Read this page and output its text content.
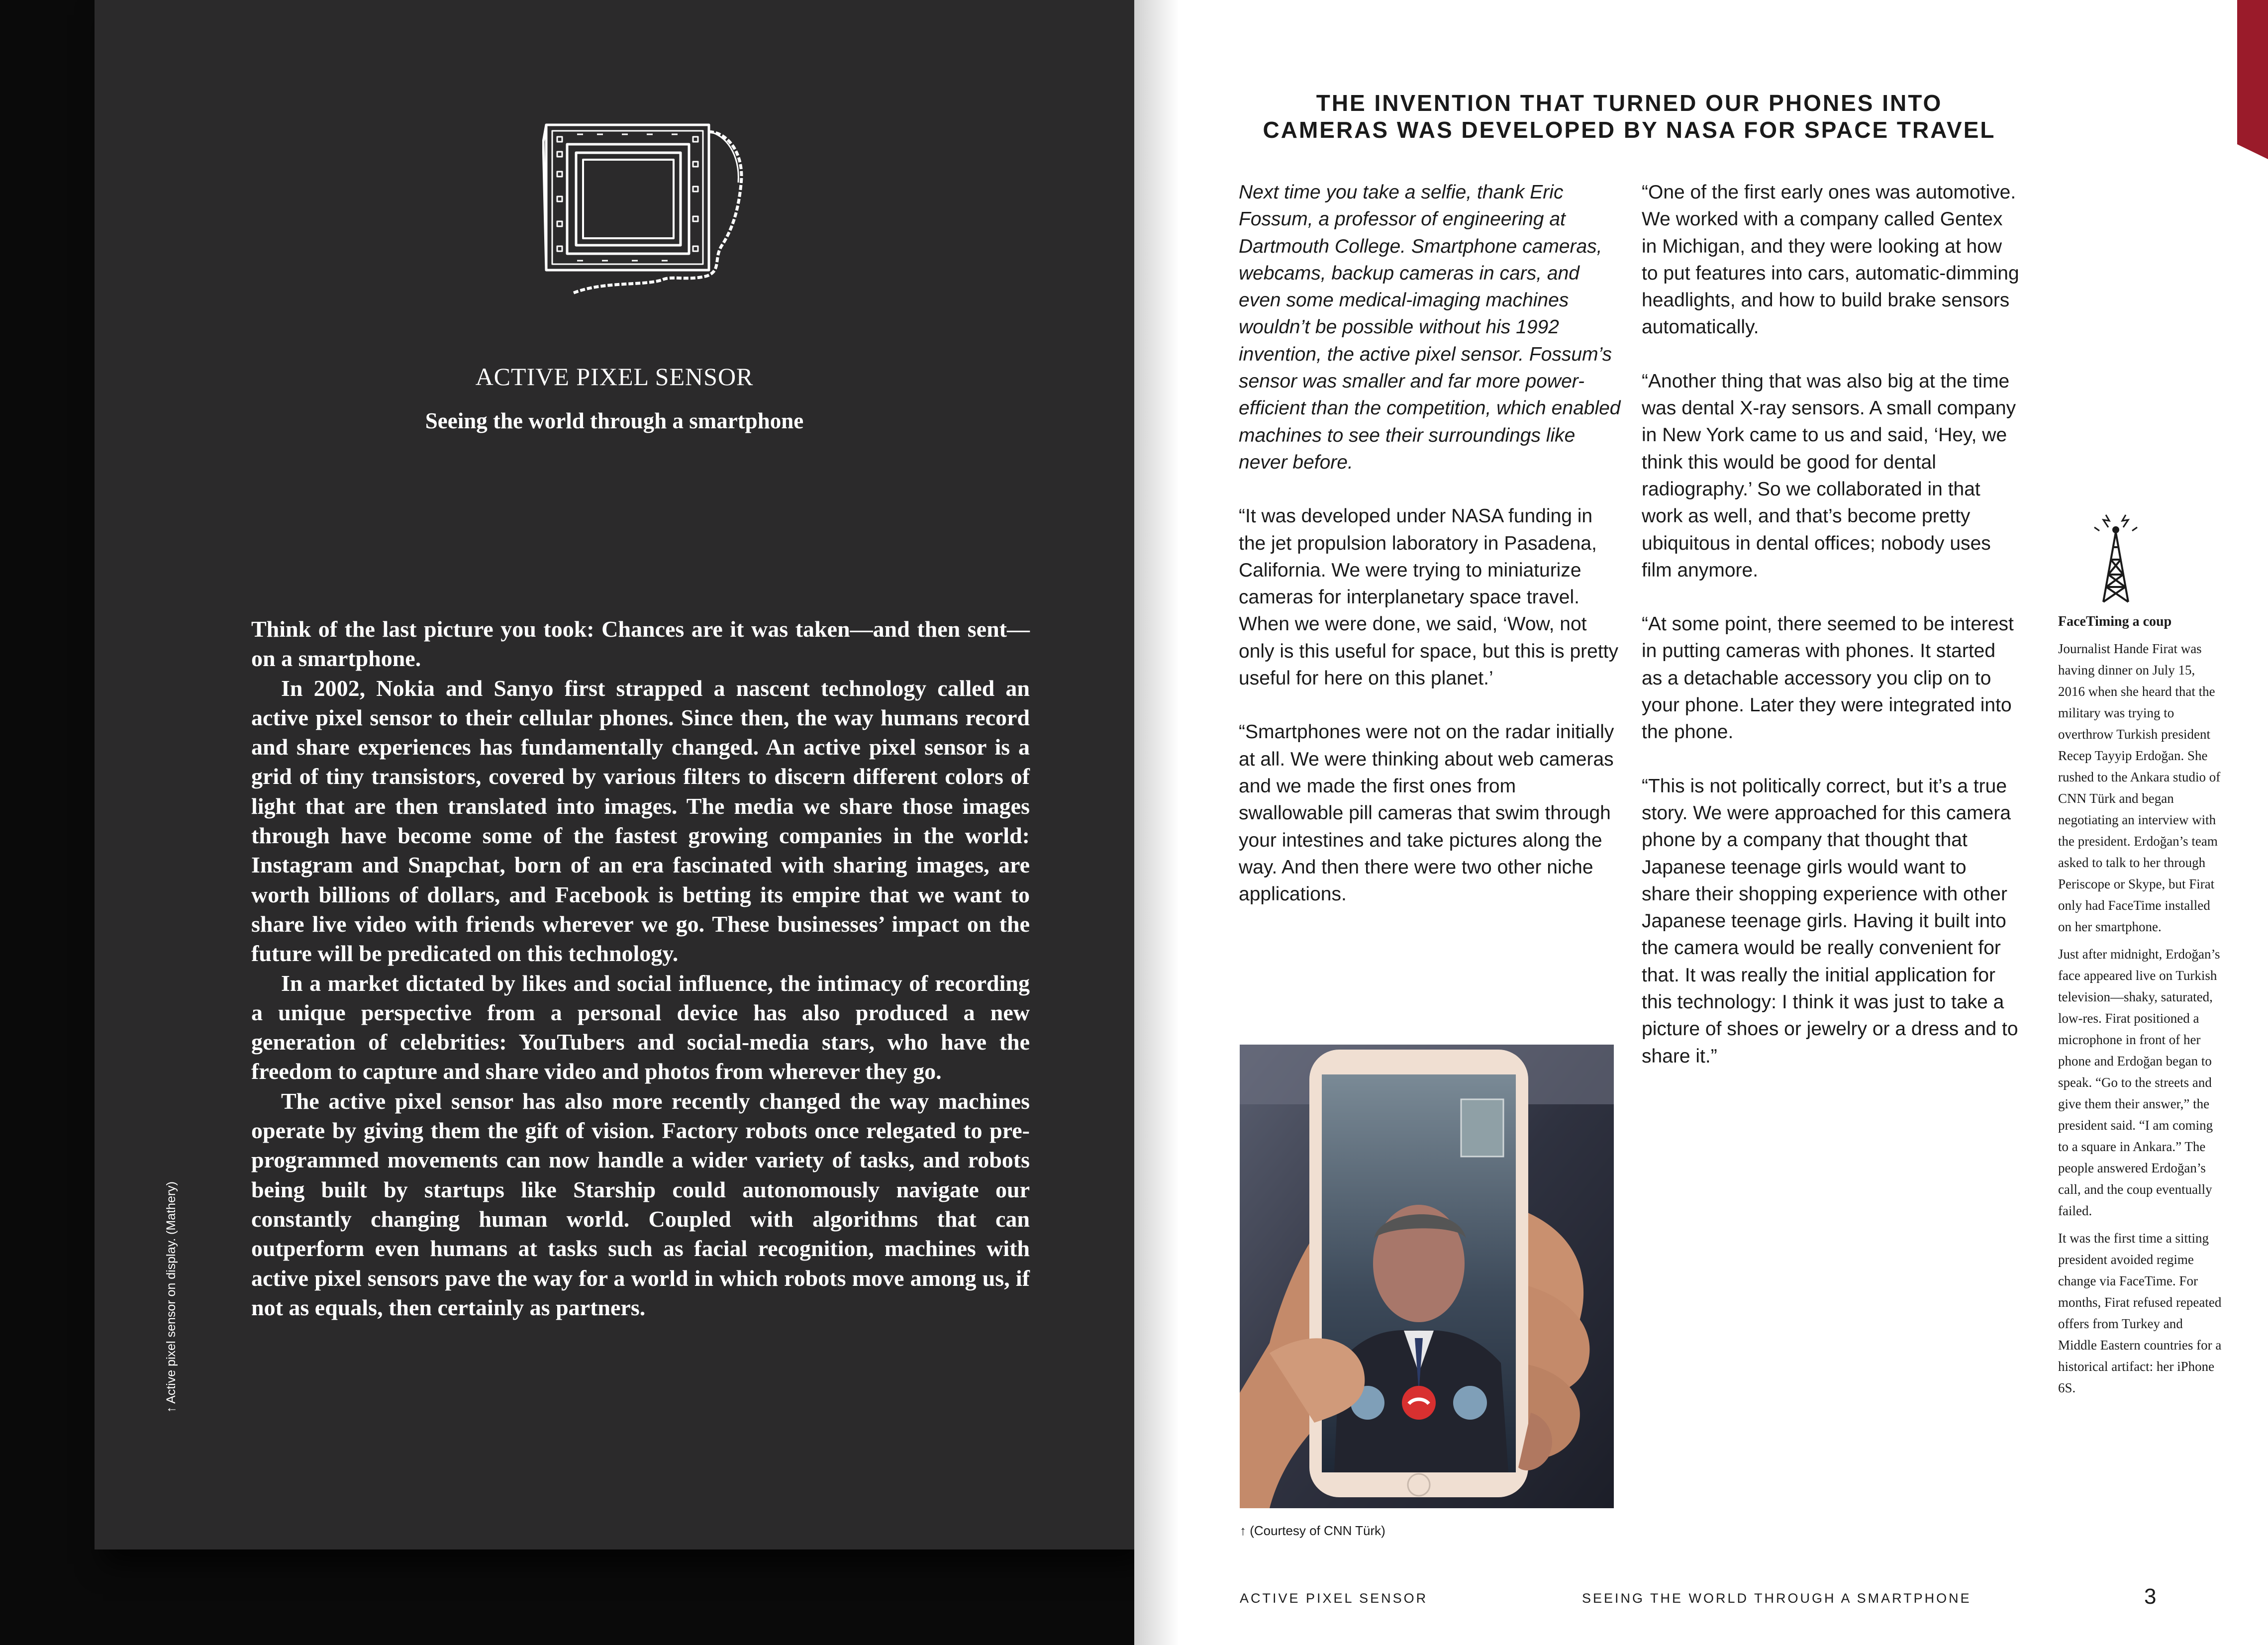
ACTIVE PIXEL SENSOR
Seeing the world through a smartphone

Think of the last picture you took: Chances are it was taken—and then sent—on a smartphone.

In 2002, Nokia and Sanyo first strapped a nascent technology called an active pixel sensor to their cellular phones. Since then, the way humans record and share experiences has fundamentally changed. An active pixel sensor is a grid of tiny transistors, covered by various filters to discern different colors of light that are then translated into images. The media we share those images through have become some of the fastest growing companies in the world: Instagram and Snapchat, born of an era fascinated with sharing images, are worth billions of dollars, and Facebook is betting its empire that we want to share live video with friends wherever we go. These businesses’ impact on the future will be predicated on this technology.

In a market dictated by likes and social influence, the intimacy of recording a unique perspective from a personal device has also produced a new generation of celebrities: YouTubers and social-media stars, who have the freedom to capture and share video and photos from wherever they go.

The active pixel sensor has also more recently changed the way machines operate by giving them the gift of vision. Factory robots once relegated to pre-programmed movements can now handle a wider variety of tasks, and robots being built by startups like Starship could autonomously navigate our constantly changing human world. Coupled with algorithms that can outperform even humans at tasks such as facial recognition, machines with active pixel sensors pave the way for a world in which robots move among us, if not as equals, then certainly as partners.

↑ Active pixel sensor on display. (Mathery)
THE INVENTION THAT TURNED OUR PHONES INTO
CAMERAS WAS DEVELOPED BY NASA FOR SPACE TRAVEL

Next time you take a selfie, thank Eric Fossum, a professor of engineering at Dartmouth College. Smartphone cameras, webcams, backup cameras in cars, and even some medical-imaging machines wouldn’t be possible without his 1992 invention, the active pixel sensor. Fossum’s sensor was smaller and far more power-efficient than the competition, which enabled machines to see their surroundings like never before.

“It was developed under NASA funding in the jet propulsion laboratory in Pasadena, California. We were trying to miniaturize cameras for interplanetary space travel. When we were done, we said, ‘Wow, not only is this useful for space, but this is pretty useful for here on this planet.’

“Smartphones were not on the radar initially at all. We were thinking about web cameras and we made the first ones from swallowable pill cameras that swim through your intestines and take pictures along the way. And then there were two other niche applications.

“One of the first early ones was automotive. We worked with a company called Gentex in Michigan, and they were looking at how to put features into cars, automatic-dimming headlights, and how to build brake sensors automatically.

“Another thing that was also big at the time was dental X-ray sensors. A small company in New York came to us and said, ‘Hey, we think this would be good for dental radiography.’ So we collaborated in that work as well, and that’s become pretty ubiquitous in dental offices; nobody uses film anymore.

“At some point, there seemed to be interest in putting cameras with phones. It started as a detachable accessory you clip on to your phone. Later they were integrated into the phone.

“This is not politically correct, but it’s a true story. We were approached for this camera phone by a company that thought that Japanese teenage girls would want to share their shopping experience with other Japanese teenage girls. Having it built into the camera would be really convenient for that. It was really the initial application for this technology: I think it was just to take a picture of shoes or jewelry or a dress and to share it.”

↑ (Courtesy of CNN Türk)
FaceTiming a coup

Journalist Hande Firat was having dinner on July 15, 2016 when she heard that the military was trying to overthrow Turkish president Recep Tayyip Erdoğan. She rushed to the Ankara studio of CNN Türk and began negotiating an interview with the president. Erdoğan’s team asked to talk to her through Periscope or Skype, but Firat only had FaceTime installed on her smartphone.

Just after midnight, Erdoğan’s face appeared live on Turkish television—shaky, saturated, low-res. Firat positioned a microphone in front of her phone and Erdoğan began to speak. “Go to the streets and give them their answer,” the president said. “I am coming to a square in Ankara.” The people answered Erdoğan’s call, and the coup eventually failed.

It was the first time a sitting president avoided regime change via FaceTime. For months, Firat refused repeated offers from Turkey and Middle Eastern countries for a historical artifact: her iPhone 6S.

ACTIVE PIXEL SENSOR	SEEING THE WORLD THROUGH A SMARTPHONE	3
